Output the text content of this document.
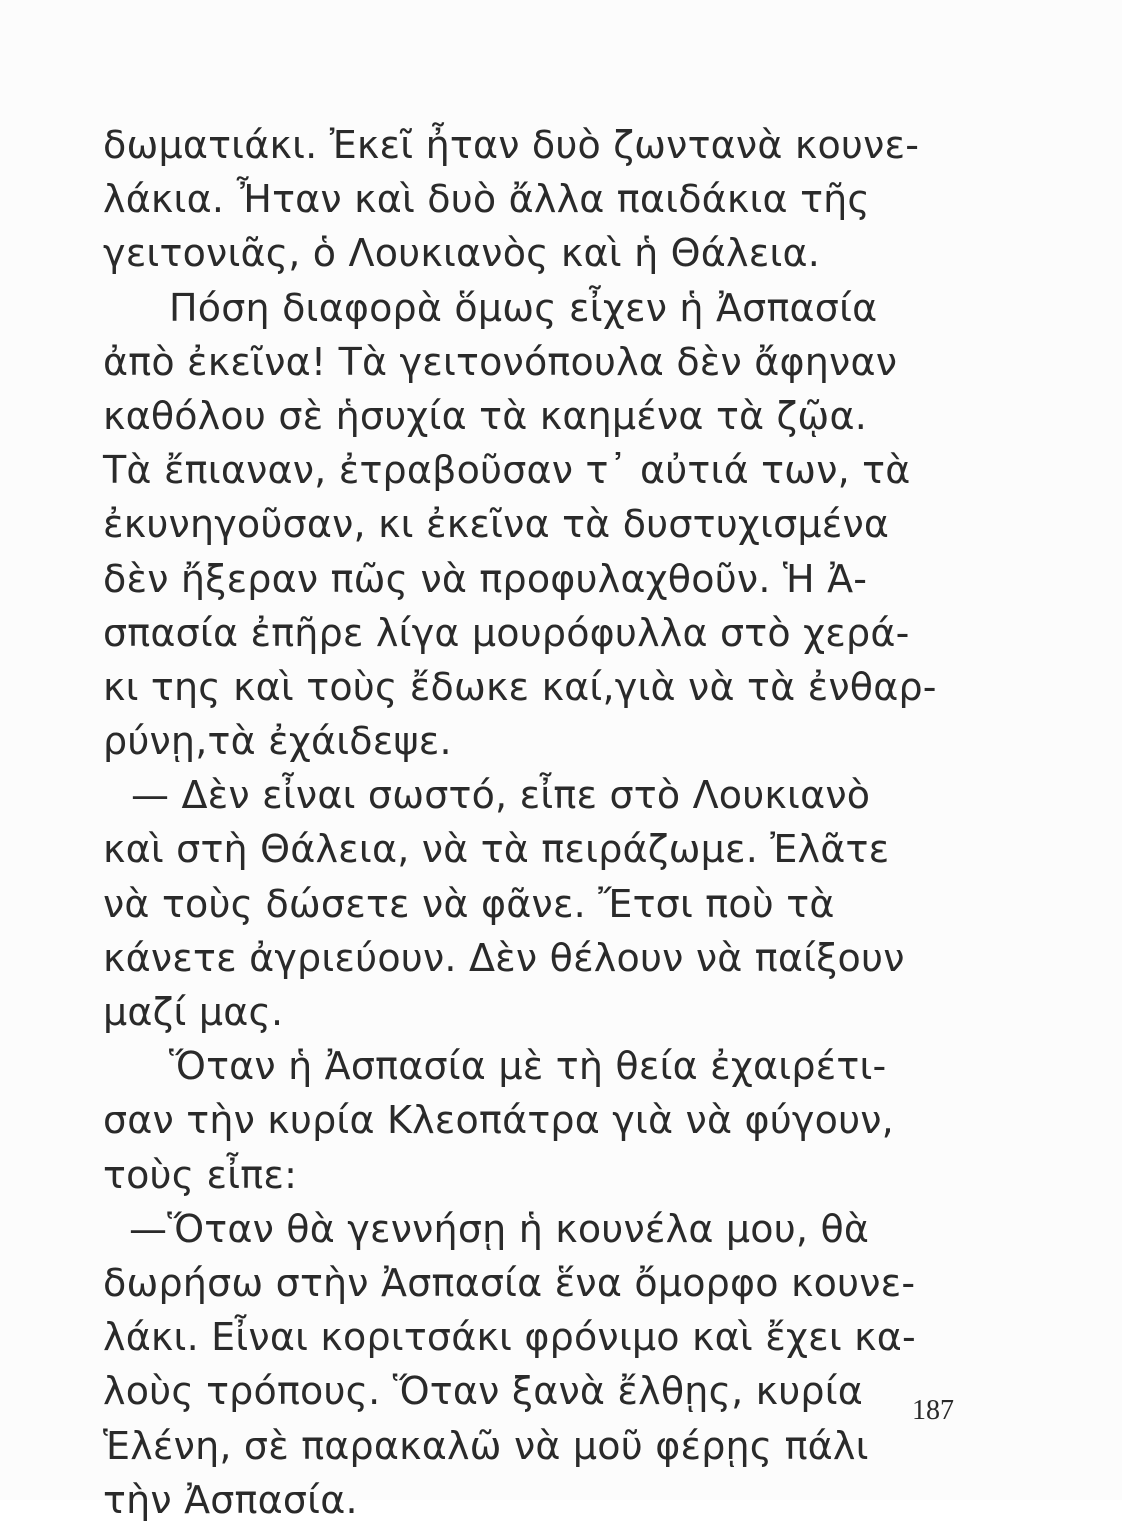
δωματιάκι. Ἐκεῖ ἦταν δυὸ ζωντανὰ κουνε-
λάκια. Ἦταν καὶ δυὸ ἄλλα παιδάκια τῆς
γειτονιᾶς, ὁ Λουκιανὸς καὶ ἡ Θάλεια.
Πόση διαφορὰ ὅμως εἶχεν ἡ Ἀσπασία
ἀπὸ ἐκεῖνα! Τὰ γειτονόπουλα δὲν ἄφηναν
καθόλου σὲ ἡσυχία τὰ καημένα τὰ ζῷα.
Τὰ ἔπιαναν, ἐτραβοῦσαν τ᾽ αὐτιά των, τὰ
ἐκυνηγοῦσαν, κι ἐκεῖνα τὰ δυστυχισμένα
δὲν ἤξεραν πῶς νὰ προφυλαχθοῦν. Ἡ Ἀ-
σπασία ἐπῆρε λίγα μουρόφυλλα στὸ χερά-
κι της καὶ τοὺς ἔδωκε καί,γιὰ νὰ τὰ ἐνθαρ-
ρύνῃ,τὰ ἐχάιδεψε.
— Δὲν εἶναι σωστό, εἶπε στὸ Λουκιανὸ
καὶ στὴ Θάλεια, νὰ τὰ πειράζωμε. Ἐλᾶτε
νὰ τοὺς δώσετε νὰ φᾶνε. Ἔτσι ποὺ τὰ
κάνετε ἀγριεύουν. Δὲν θέλουν νὰ παίξουν
μαζί μας.
Ὅταν ἡ Ἀσπασία μὲ τὴ θεία ἐχαιρέτι-
σαν τὴν κυρία Κλεοπάτρα γιὰ νὰ φύγουν,
τοὺς εἶπε:
—Ὅταν θὰ γεννήσῃ ἡ κουνέλα μου, θὰ
δωρήσω στὴν Ἀσπασία ἕνα ὄμορφο κουνε-
λάκι. Εἶναι κοριτσάκι φρόνιμο καὶ ἔχει κα-
λοὺς τρόπους. Ὅταν ξανὰ ἔλθῃς, κυρία
Ἑλένη, σὲ παρακαλῶ νὰ μοῦ φέρῃς πάλι
τὴν Ἀσπασία.
187
